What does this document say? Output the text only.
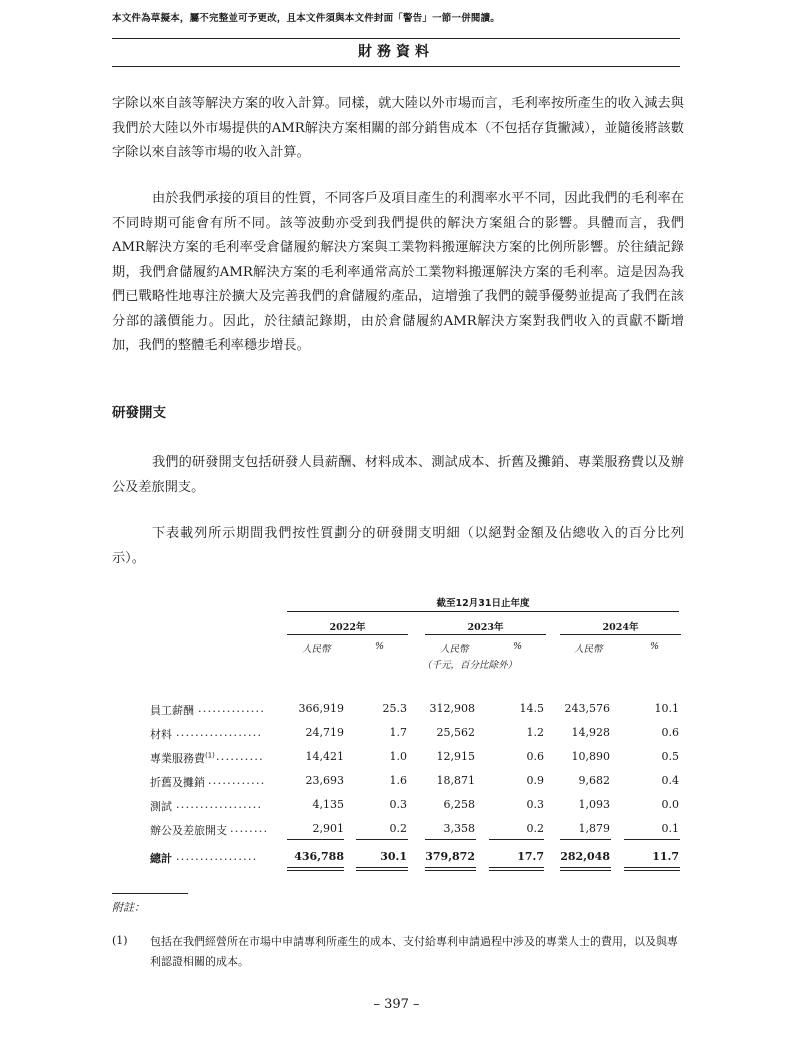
本文件為草擬本，屬不完整並可予更改，且本文件須與本文件封面「警告」一節一併閱讀。
財務資料

字除以來自該等解決方案的收入計算。同樣，就大陸以外市場而言，毛利率按所產生的收入減去與我們於大陸以外市場提供的AMR解決方案相關的部分銷售成本（不包括存貨撇減），並隨後將該數字除以來自該等市場的收入計算。

由於我們承接的項目的性質，不同客戶及項目產生的利潤率水平不同，因此我們的毛利率在不同時期可能會有所不同。該等波動亦受到我們提供的解決方案組合的影響。具體而言，我們AMR解決方案的毛利率受倉儲履約解決方案與工業物料搬運解決方案的比例所影響。於往績記錄期，我們倉儲履約AMR解決方案的毛利率通常高於工業物料搬運解決方案的毛利率。這是因為我們已戰略性地專注於擴大及完善我們的倉儲履約產品，這增強了我們的競爭優勢並提高了我們在該分部的議價能力。因此，於往績記錄期，由於倉儲履約AMR解決方案對我們收入的貢獻不斷增加，我們的整體毛利率穩步增長。

研發開支

我們的研發開支包括研發人員薪酬、材料成本、測試成本、折舊及攤銷、專業服務費以及辦公及差旅開支。

下表載列所示期間我們按性質劃分的研發開支明細（以絕對金額及佔總收入的百分比列示）。

截至12月31日止年度
2022年	2023年	2024年
人民幣	%	人民幣	%	人民幣	%
（千元，百分比除外）
員工薪酬 ..............	366,919	25.3	312,908	14.5	243,576	10.1
材料 ..................	24,719	1.7	25,562	1.2	14,928	0.6
專業服務費$^{(1)}$ ..........	14,421	1.0	12,915	0.6	10,890	0.5
折舊及攤銷 ............	23,693	1.6	18,871	0.9	9,682	0.4
測試 ..................	4,135	0.3	6,258	0.3	1,093	0.0
辦公及差旅開支 ........	2,901	0.2	3,358	0.2	1,879	0.1
總計 .................	436,788	30.1	379,872	17.7	282,048	11.7
附註：
(1) 包括在我們經營所在市場中申請專利所產生的成本、支付給專利申請過程中涉及的專業人士的費用，以及與專利認證相關的成本。

– 397 –
